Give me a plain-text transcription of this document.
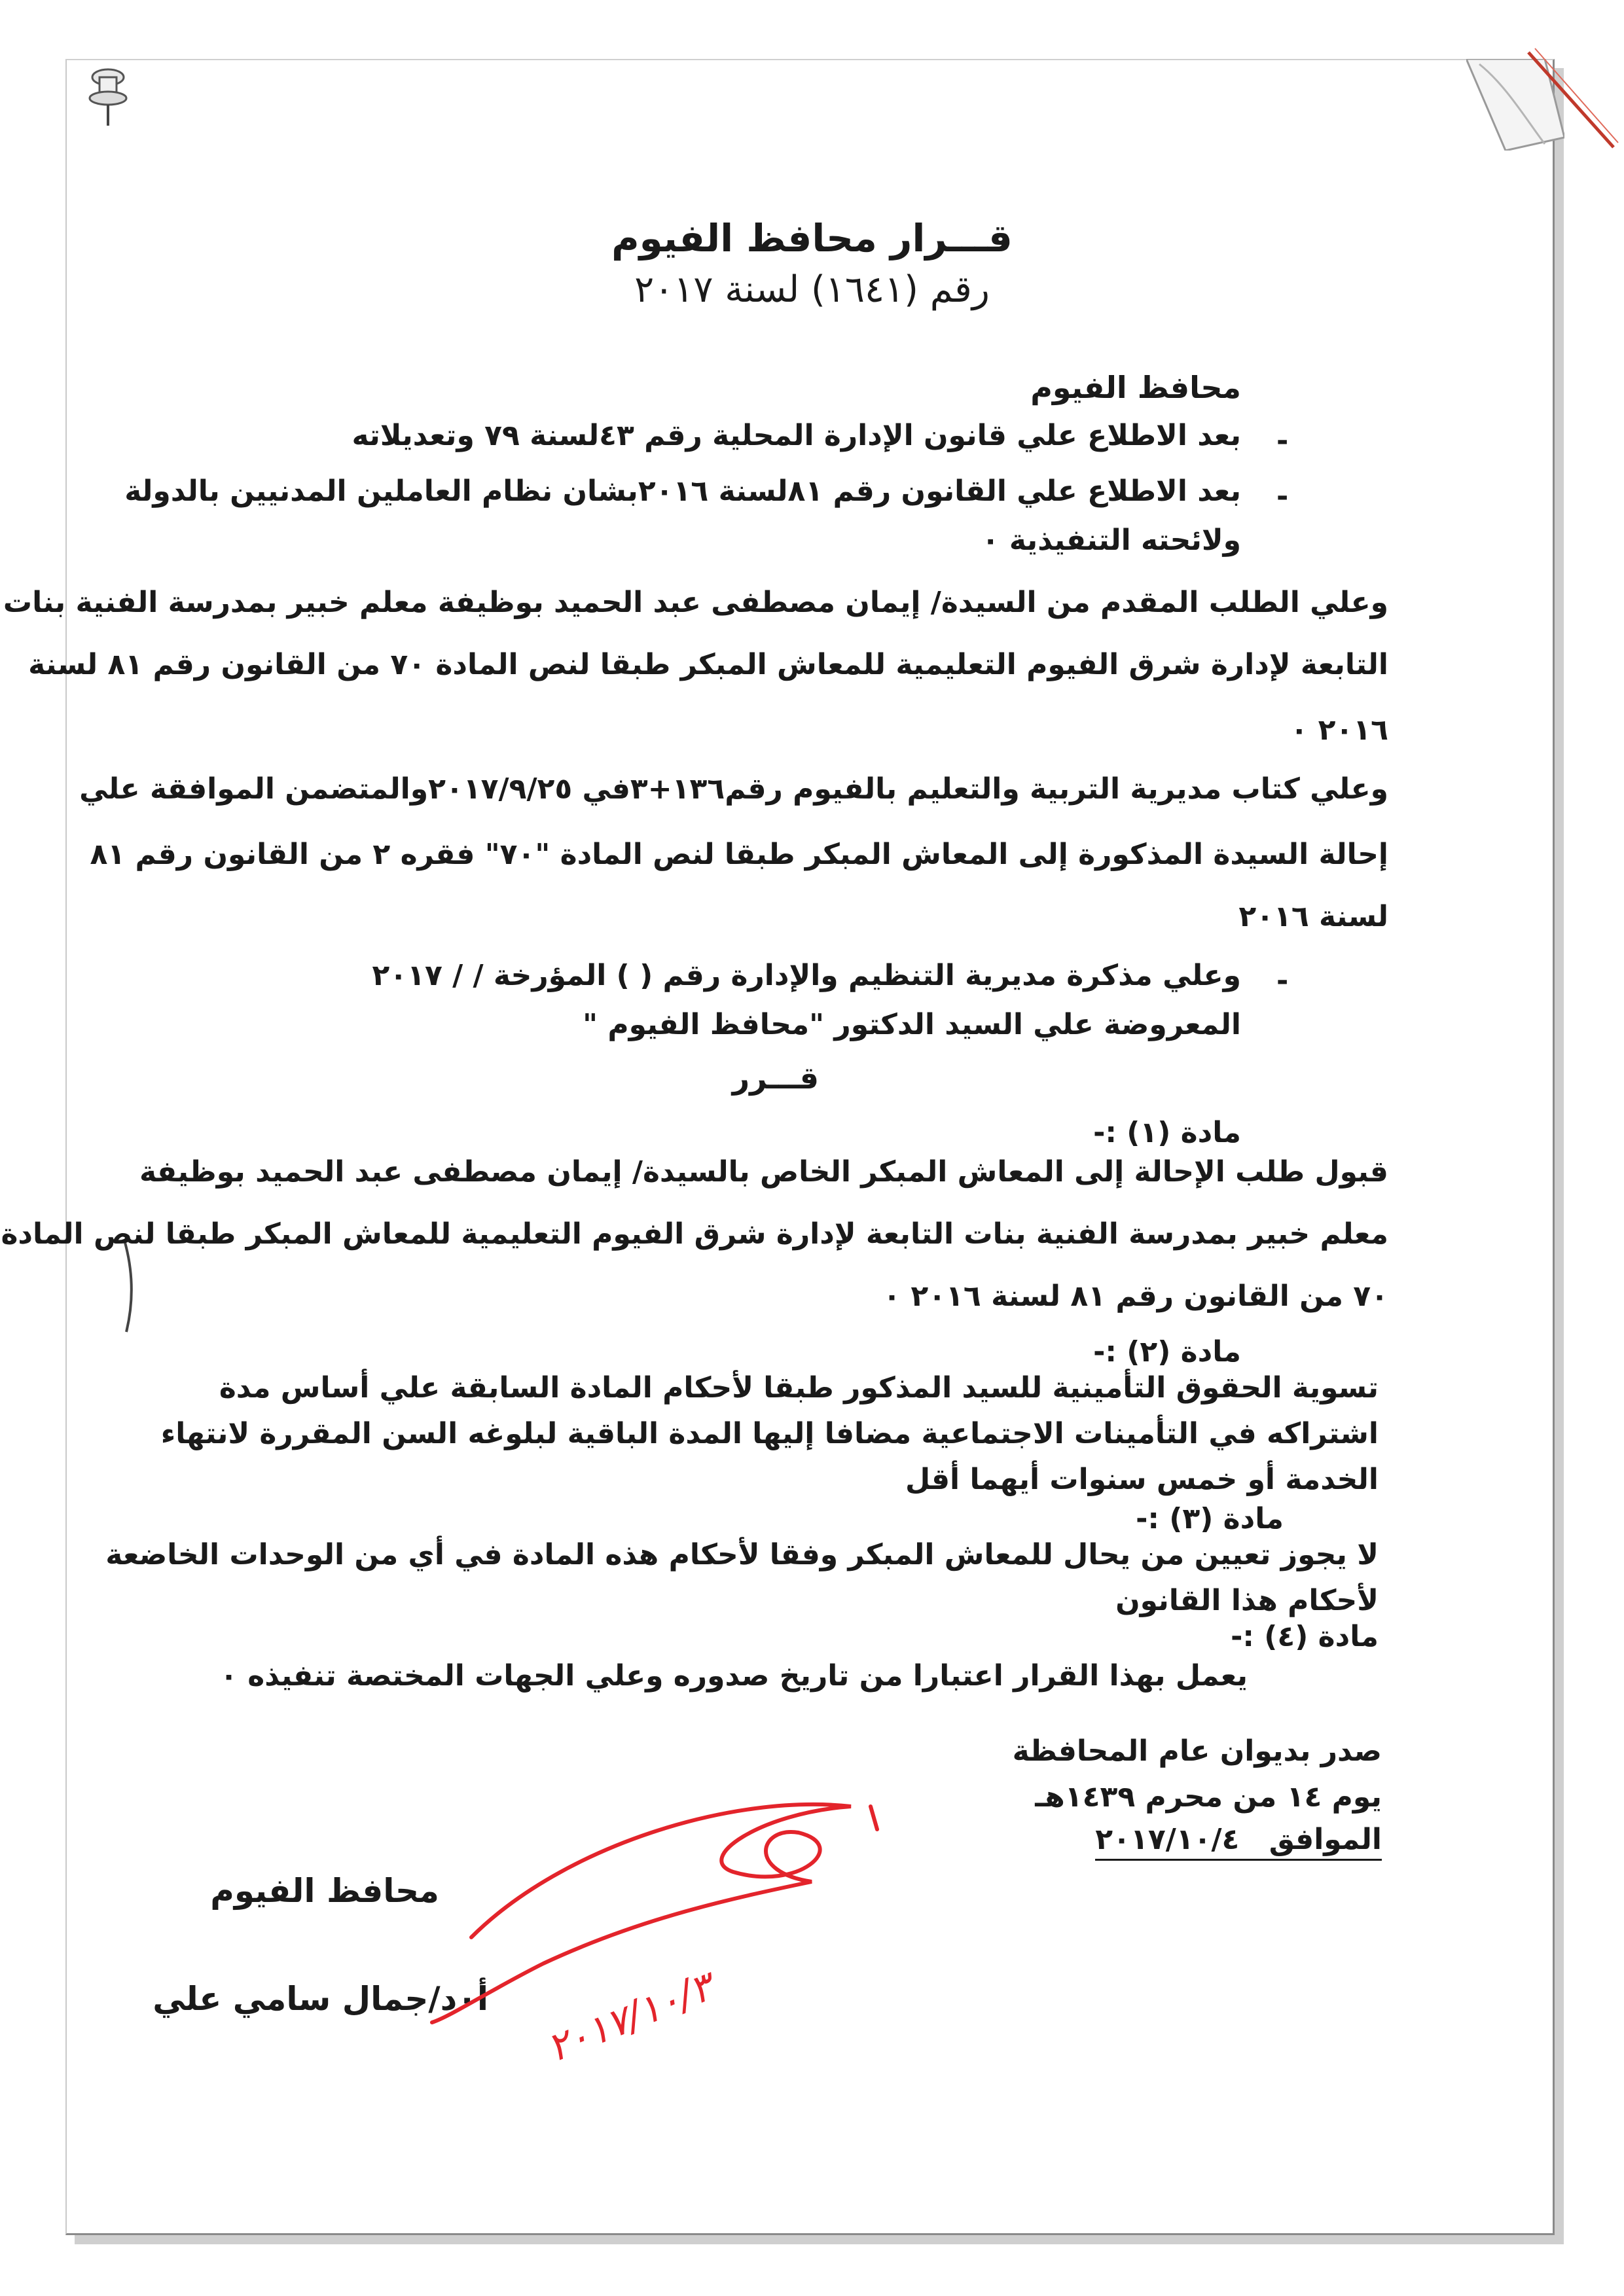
قـــرار محافظ الفيوم
رقم (١٦٤١) لسنة ٢٠١٧
محافظ الفيوم
-
بعد الاطلاع علي قانون الإدارة المحلية رقم ٤٣لسنة ٧٩ وتعديلاته
-
بعد الاطلاع علي القانون رقم ٨١لسنة ٢٠١٦بشان نظام العاملين المدنيين بالدولة
ولائحته التنفيذية ٠
وعلي الطلب المقدم من السيدة/ إيمان مصطفى عبد الحميد بوظيفة معلم خبير بمدرسة الفنية بنات
التابعة لإدارة شرق الفيوم التعليمية للمعاش المبكر طبقا لنص المادة ٧٠ من القانون رقم ٨١ لسنة
٢٠١٦ ٠
وعلي كتاب مديرية التربية والتعليم بالفيوم رقم١٣٦+٣في ٢٠١٧/٩/٢٥والمتضمن الموافقة علي
إحالة السيدة المذكورة إلى المعاش المبكر طبقا لنص المادة "٧٠" فقره ٢ من القانون رقم ٨١
لسنة ٢٠١٦
-
وعلي مذكرة مديرية التنظيم والإدارة رقم ( ) المؤرخة / / ٢٠١٧
المعروضة علي السيد الدكتور "محافظ الفيوم "
قـــرر
مادة (١) :-
قبول طلب الإحالة إلى المعاش المبكر الخاص بالسيدة/ إيمان مصطفى عبد الحميد بوظيفة
معلم خبير بمدرسة الفنية بنات التابعة لإدارة شرق الفيوم التعليمية للمعاش المبكر طبقا لنص المادة
٧٠ من القانون رقم ٨١ لسنة ٢٠١٦ ٠
مادة (٢) :-
تسوية الحقوق التأمينية للسيد المذكور طبقا لأحكام المادة السابقة علي أساس مدة
اشتراكه في التأمينات الاجتماعية مضافا إليها المدة الباقية لبلوغه السن المقررة لانتهاء
الخدمة أو خمس سنوات أيهما أقل
مادة (٣) :-
لا يجوز تعيين من يحال للمعاش المبكر وفقا لأحكام هذه المادة في أي من الوحدات الخاضعة
لأحكام هذا القانون
مادة (٤) :-
يعمل بهذا القرار اعتبارا من تاريخ صدوره وعلي الجهات المختصة تنفيذه ٠
صدر بديوان عام المحافظة
يوم ١٤ من محرم ١٤٣٩هـ
الموافق ٢٠١٧/١٠/٤
محافظ الفيوم
أ٠د/جمال سامي علي ٢٠١٧/١٠/٣
